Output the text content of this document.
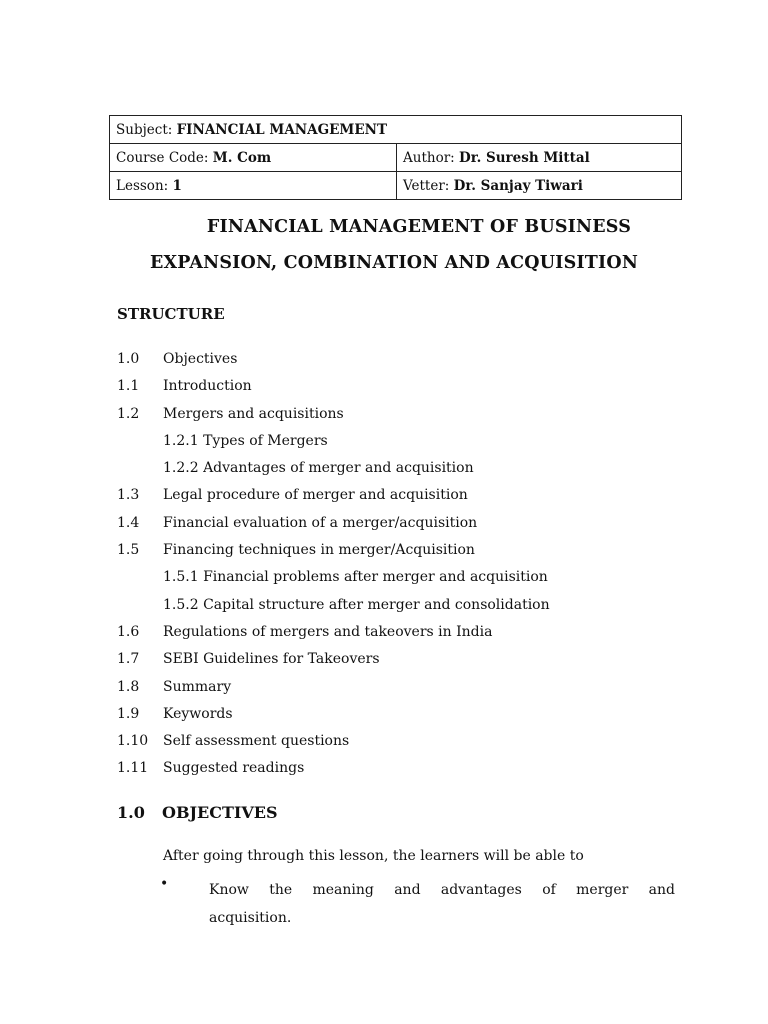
Subject: FINANCIAL MANAGEMENT	
Course Code: M. Com	Author: Dr. Suresh Mittal
Lesson: 1	Vetter: Dr. Sanjay Tiwari
FINANCIAL MANAGEMENT OF BUSINESS
EXPANSION, COMBINATION AND ACQUISITION
STRUCTURE
1.0 Objectives
1.1 Introduction
1.2 Mergers and acquisitions
1.2.1 Types of Mergers
1.2.2 Advantages of merger and acquisition
1.3 Legal procedure of merger and acquisition
1.4 Financial evaluation of a merger/acquisition
1.5 Financing techniques in merger/Acquisition
1.5.1 Financial problems after merger and acquisition
1.5.2 Capital structure after merger and consolidation
1.6 Regulations of mergers and takeovers in India
1.7 SEBI Guidelines for Takeovers
1.8 Summary
1.9 Keywords
1.10 Self assessment questions
1.11 Suggested readings
1.0 OBJECTIVES
After going through this lesson, the learners will be able to
•	Know the meaning and advantages of merger and
acquisition.
